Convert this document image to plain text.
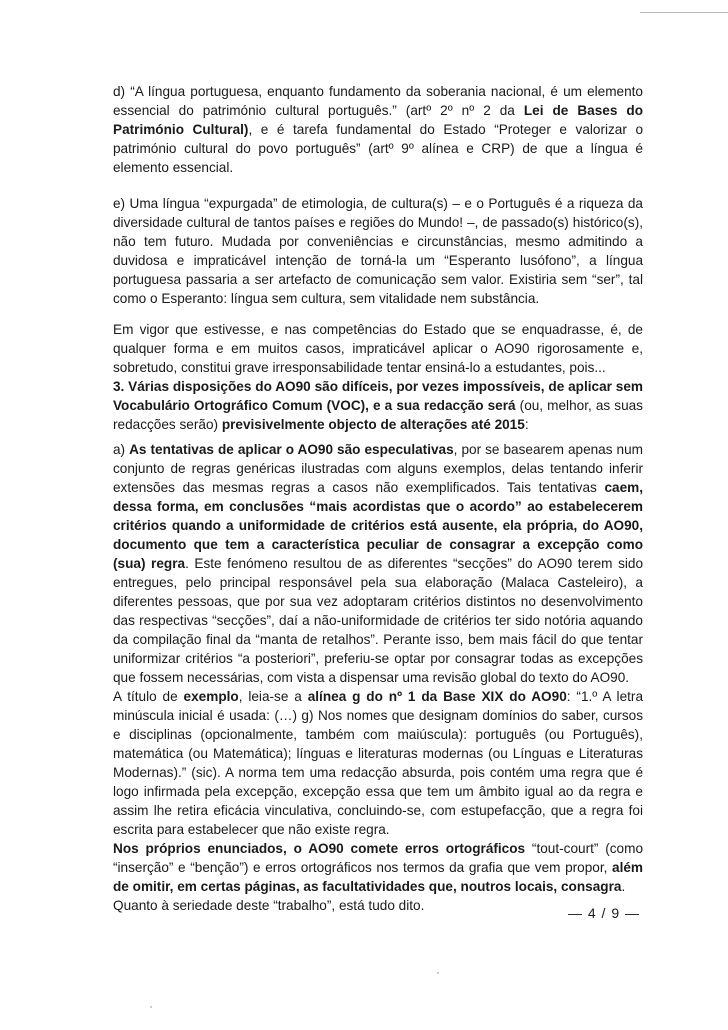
d) “A língua portuguesa, enquanto fundamento da soberania nacional, é um elemento essencial do património cultural português.” (artº 2º nº 2 da Lei de Bases do Património Cultural), e é tarefa fundamental do Estado “Proteger e valorizar o património cultural do povo português” (artº 9º alínea e CRP) de que a língua é elemento essencial.

e) Uma língua “expurgada” de etimologia, de cultura(s) – e o Português é a riqueza da diversidade cultural de tantos países e regiões do Mundo! –, de passado(s) histórico(s), não tem futuro. Mudada por conveniências e circunstâncias, mesmo admitindo a duvidosa e impraticável intenção de torná-la um “Esperanto lusófono”, a língua portuguesa passaria a ser artefacto de comunicação sem valor. Existiria sem “ser”, tal como o Esperanto: língua sem cultura, sem vitalidade nem substância.

Em vigor que estivesse, e nas competências do Estado que se enquadrasse, é, de qualquer forma e em muitos casos, impraticável aplicar o AO90 rigorosamente e, sobretudo, constitui grave irresponsabilidade tentar ensiná-lo a estudantes, pois...
3. Várias disposições do AO90 são difíceis, por vezes impossíveis, de aplicar sem Vocabulário Ortográfico Comum (VOC), e a sua redacção será (ou, melhor, as suas redacções serão) previsivelmente objecto de alterações até 2015:

a) As tentativas de aplicar o AO90 são especulativas, por se basearem apenas num conjunto de regras genéricas ilustradas com alguns exemplos, delas tentando inferir extensões das mesmas regras a casos não exemplificados. Tais tentativas caem, dessa forma, em conclusões “mais acordistas que o acordo” ao estabelecerem critérios quando a uniformidade de critérios está ausente, ela própria, do AO90, documento que tem a característica peculiar de consagrar a excepção como (sua) regra. Este fenómeno resultou de as diferentes “secções” do AO90 terem sido entregues, pelo principal responsável pela sua elaboração (Malaca Casteleiro), a diferentes pessoas, que por sua vez adoptaram critérios distintos no desenvolvimento das respectivas “secções”, daí a não-uniformidade de critérios ter sido notória aquando da compilação final da “manta de retalhos”. Perante isso, bem mais fácil do que tentar uniformizar critérios “a posteriori”, preferiu-se optar por consagrar todas as excepções que fossem necessárias, com vista a dispensar uma revisão global do texto do AO90.
A título de exemplo, leia-se a alínea g do nº 1 da Base XIX do AO90: “1.º A letra minúscula inicial é usada: (…) g) Nos nomes que designam domínios do saber, cursos e disciplinas (opcionalmente, também com maiúscula): português (ou Português), matemática (ou Matemática); línguas e literaturas modernas (ou Línguas e Literaturas Modernas).” (sic). A norma tem uma redacção absurda, pois contém uma regra que é logo infirmada pela excepção, excepção essa que tem um âmbito igual ao da regra e assim lhe retira eficácia vinculativa, concluindo-se, com estupefacção, que a regra foi escrita para estabelecer que não existe regra.
Nos próprios enunciados, o AO90 comete erros ortográficos “tout-court” (como “inserção” e “benção”) e erros ortográficos nos termos da grafia que vem propor, além de omitir, em certas páginas, as facultatividades que, noutros locais, consagra.
Quanto à seriedade deste “trabalho”, está tudo dito.	— 4 / 9 —
